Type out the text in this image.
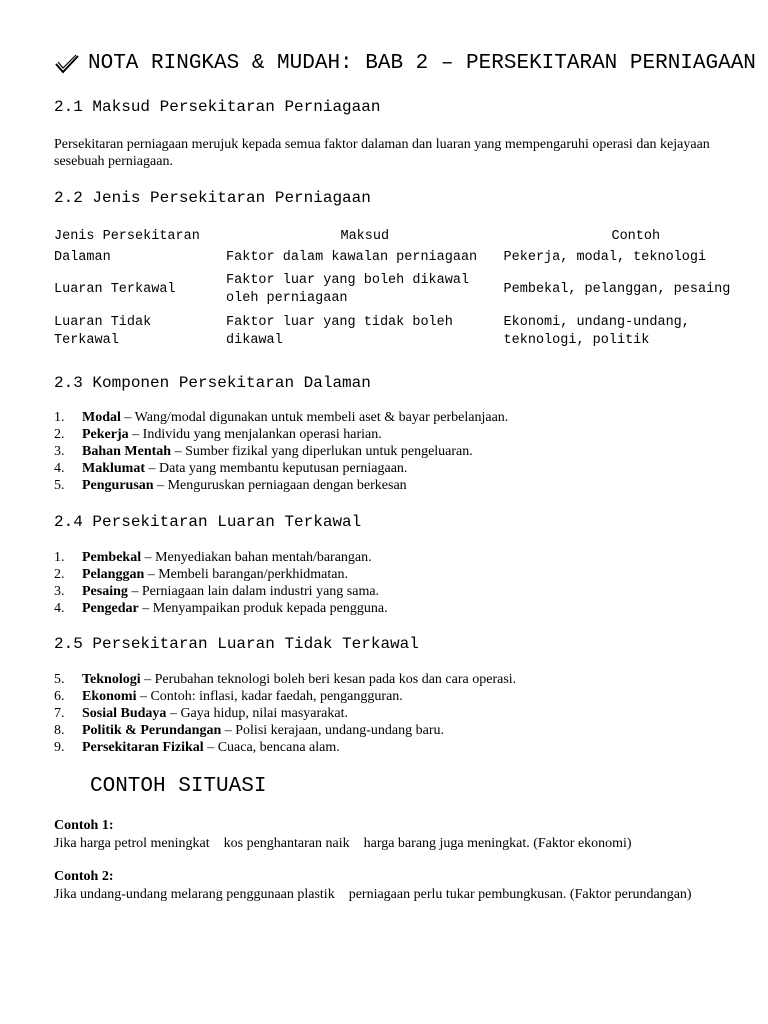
NOTA RINGKAS & MUDAH: BAB 2 – PERSEKITARAN PERNIAGAAN
2.1 Maksud Persekitaran Perniagaan
Persekitaran perniagaan merujuk kepada semua faktor dalaman dan luaran yang mempengaruhi operasi dan kejayaan sesebuah perniagaan.
2.2 Jenis Persekitaran Perniagaan
Jenis Persekitaran	Maksud	Contoh
Dalaman	Faktor dalam kawalan perniagaan	Pekerja, modal, teknologi
Luaran Terkawal	Faktor luar yang boleh dikawal oleh perniagaan	Pembekal, pelanggan, pesaing
Luaran Tidak Terkawal	Faktor luar yang tidak boleh dikawal	Ekonomi, undang-undang, teknologi, politik
2.3 Komponen Persekitaran Dalaman
1.	Modal – Wang/modal digunakan untuk membeli aset & bayar perbelanjaan.
2.	Pekerja – Individu yang menjalankan operasi harian.
3.	Bahan Mentah – Sumber fizikal yang diperlukan untuk pengeluaran.
4.	Maklumat – Data yang membantu keputusan perniagaan.
5.	Pengurusan – Menguruskan perniagaan dengan berkesan
2.4 Persekitaran Luaran Terkawal
1.	Pembekal – Menyediakan bahan mentah/barangan.
2.	Pelanggan – Membeli barangan/perkhidmatan.
3.	Pesaing – Perniagaan lain dalam industri yang sama.
4.	Pengedar – Menyampaikan produk kepada pengguna.
2.5 Persekitaran Luaran Tidak Terkawal
5.	Teknologi – Perubahan teknologi boleh beri kesan pada kos dan cara operasi.
6.	Ekonomi – Contoh: inflasi, kadar faedah, pengangguran.
7.	Sosial Budaya – Gaya hidup, nilai masyarakat.
8.	Politik & Perundangan – Polisi kerajaan, undang-undang baru.
9.	Persekitaran Fizikal – Cuaca, bencana alam.
CONTOH SITUASI
Contoh 1:
Jika harga petrol meningkat    kos penghantaran naik    harga barang juga meningkat. (Faktor ekonomi)
Contoh 2:
Jika undang-undang melarang penggunaan plastik    perniagaan perlu tukar pembungkusan. (Faktor perundangan)
